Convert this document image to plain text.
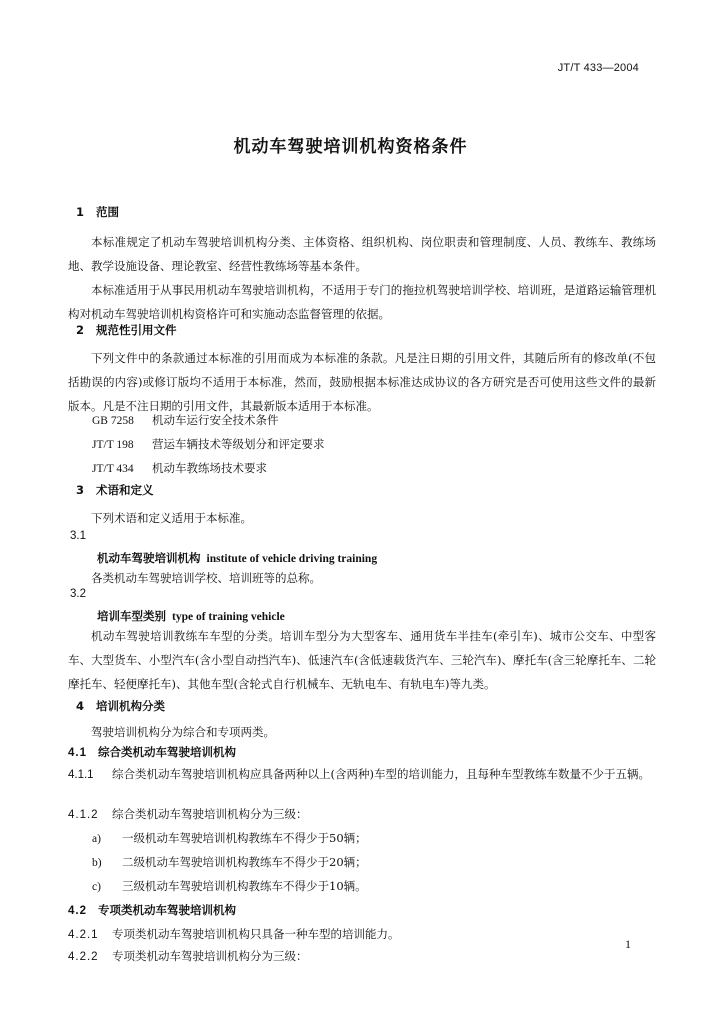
JT/T 433—2004
机动车驾驶培训机构资格条件
1 范围

本标准规定了机动车驾驶培训机构分类、主体资格、组织机构、岗位职责和管理制度、人员、教练车、教练场地、教学设施设备、理论教室、经营性教练场等基本条件。

本标准适用于从事民用机动车驾驶培训机构，不适用于专门的拖拉机驾驶培训学校、培训班，是道路运输管理机构对机动车驾驶培训机构资格许可和实施动态监督管理的依据。

2 规范性引用文件

下列文件中的条款通过本标准的引用而成为本标准的条款。凡是注日期的引用文件，其随后所有的修改单(不包括勘误的内容)或修订版均不适用于本标准，然而，鼓励根据本标准达成协议的各方研究是否可使用这些文件的最新版本。凡是不注日期的引用文件，其最新版本适用于本标准。

GB 7258 机动车运行安全技术条件
JT/T 198 营运车辆技术等级划分和评定要求
JT/T 434 机动车教练场技术要求
3 术语和定义

下列术语和定义适用于本标准。

3.1
机动车驾驶培训机构 institute of vehicle driving training

各类机动车驾驶培训学校、培训班等的总称。

3.2
培训车型类别 type of training vehicle

机动车驾驶培训教练车车型的分类。培训车型分为大型客车、通用货车半挂车(牵引车)、城市公交车、中型客车、大型货车、小型汽车(含小型自动挡汽车)、低速汽车(含低速载货汽车、三轮汽车)、摩托车(含三轮摩托车、二轮摩托车、轻便摩托车)、其他车型(含轮式自行机械车、无轨电车、有轨电车)等九类。

4 培训机构分类

驾驶培训机构分为综合和专项两类。

4.1 综合类机动车驾驶培训机构

4.1.1 综合类机动车驾驶培训机构应具备两种以上(含两种)车型的培训能力，且每种车型教练车数量不少于五辆。

4.1.2 综合类机动车驾驶培训机构分为三级：
a) 一级机动车驾驶培训机构教练车不得少于50辆；
b) 二级机动车驾驶培训机构教练车不得少于20辆；
c) 三级机动车驾驶培训机构教练车不得少于10辆。
4.2 专项类机动车驾驶培训机构
4.2.1 专项类机动车驾驶培训机构只具备一种车型的培训能力。
4.2.2 专项类机动车驾驶培训机构分为三级：
1
